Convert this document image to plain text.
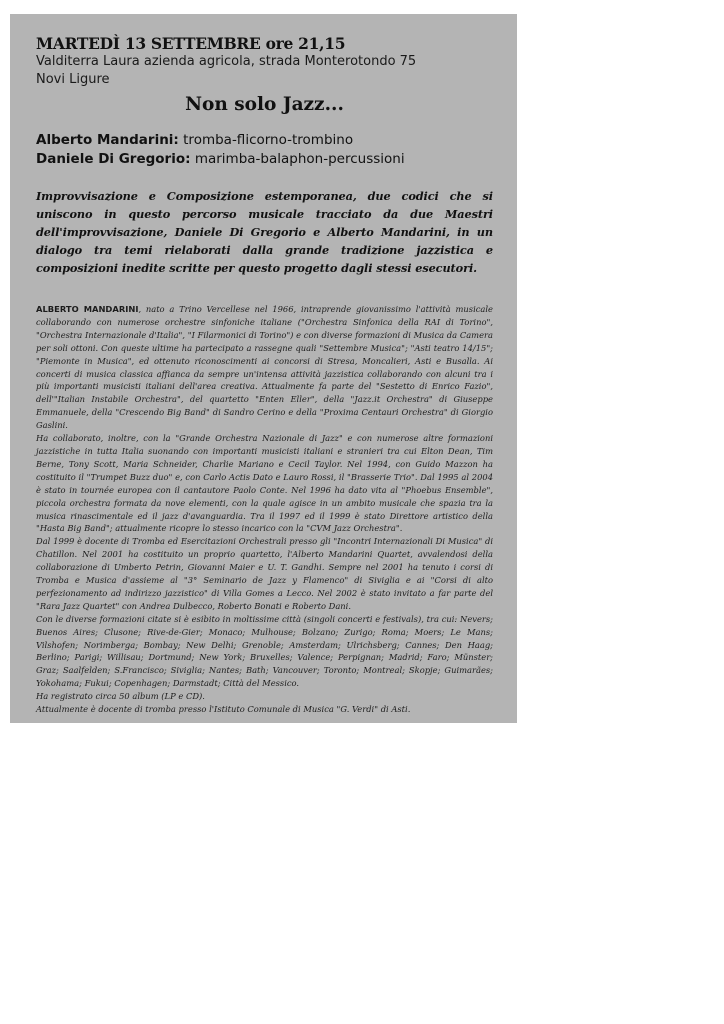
MARTEDÌ 13 SETTEMBRE ore 21,15

Valditerra Laura azienda agricola, strada Monterotondo 75

Novi Ligure

Non solo Jazz...

Alberto Mandarini: tromba-flicorno-trombino

Daniele Di Gregorio: marimba-balaphon-percussioni

Improvvisazione e Composizione estemporanea, due codici che si uniscono in questo percorso musicale tracciato da due Maestri dell'improvvisazione, Daniele Di Gregorio e Alberto Mandarini, in un dialogo tra temi rielaborati dalla grande tradizione jazzistica e composizioni inedite scritte per questo progetto dagli stessi esecutori.

ALBERTO MANDARINI, nato a Trino Vercellese nel 1966, intraprende giovanissimo l'attività musicale collaborando con numerose orchestre sinfoniche italiane ("Orchestra Sinfonica della RAI di Torino", "Orchestra Internazionale d'Italia", "I Filarmonici di Torino") e con diverse formazioni di Musica da Camera per soli ottoni. Con queste ultime ha partecipato a rassegne quali "Settembre Musica"; "Asti teatro 14/15"; "Piemonte in Musica", ed ottenuto riconoscimenti ai concorsi di Stresa, Moncalieri, Asti e Busalla. Ai concerti di musica classica affianca da sempre un'intensa attività jazzistica collaborando con alcuni tra i più importanti musicisti italiani dell'area creativa. Attualmente fa parte del "Sestetto di Enrico Fazio", dell'"Italian Instabile Orchestra", del quartetto "Enten Eller", della "Jazz.it Orchestra" di Giuseppe Emmanuele, della "Crescendo Big Band" di Sandro Cerino e della "Proxima Centauri Orchestra" di Giorgio Gaslini.

Ha collaborato, inoltre, con la "Grande Orchestra Nazionale di Jazz" e con numerose altre formazioni jazzistiche in tutta Italia suonando con importanti musicisti italiani e stranieri tra cui Elton Dean, Tim Berne, Tony Scott, Maria Schneider, Charlie Mariano e Cecil Taylor. Nel 1994, con Guido Mazzon ha costituito il "Trumpet Buzz duo" e, con Carlo Actis Dato e Lauro Rossi, il "Brasserie Trio". Dal 1995 al 2004 è stato in tournée europea con il cantautore Paolo Conte. Nel 1996 ha dato vita al "Phoebus Ensemble", piccola orchestra formata da nove elementi, con la quale agisce in un ambito musicale che spazia tra la musica rinascimentale ed il jazz d'avanguardia. Tra il 1997 ed il 1999 è stato Direttore artistico della "Hasta Big Band"; attualmente ricopre lo stesso incarico con la "CVM Jazz Orchestra".

Dal 1999 è docente di Tromba ed Esercitazioni Orchestrali presso gli "Incontri Internazionali Di Musica" di Chatillon. Nel 2001 ha costituito un proprio quartetto, l'Alberto Mandarini Quartet, avvalendosi della collaborazione di Umberto Petrin, Giovanni Maier e U. T. Gandhi. Sempre nel 2001 ha tenuto i corsi di Tromba e Musica d'assieme al "3° Seminario de Jazz y Flamenco" di Siviglia e ai "Corsi di alto perfezionamento ad indirizzo jazzistico" di Villa Gomes a Lecco. Nel 2002 è stato invitato a far parte del "Rara Jazz Quartet" con Andrea Dulbecco, Roberto Bonati e Roberto Dani.

Con le diverse formazioni citate si è esibito in moltissime città (singoli concerti e festivals), tra cui: Nevers; Buenos Aires; Clusone; Rive-de-Gier; Monaco; Mulhouse; Bolzano; Zurigo; Roma; Moers; Le Mans; Vilshofen; Norimberga; Bombay; New Delhi; Grenoble; Amsterdam; Ulrichsberg; Cannes; Den Haag; Berlino; Parigi; Willisau; Dortmund; New York; Bruxelles; Valence; Perpignan; Madrid; Faro; Münster; Graz; Saalfelden; S.Francisco; Siviglia; Nantes; Bath; Vancouver; Toronto; Montreal; Skopje; Guimarães; Yokohama; Fukui; Copenhagen; Darmstadt; Città del Messico.

Ha registrato circa 50 album (LP e CD).

Attualmente è docente di tromba presso l'Istituto Comunale di Musica "G. Verdi" di Asti.
